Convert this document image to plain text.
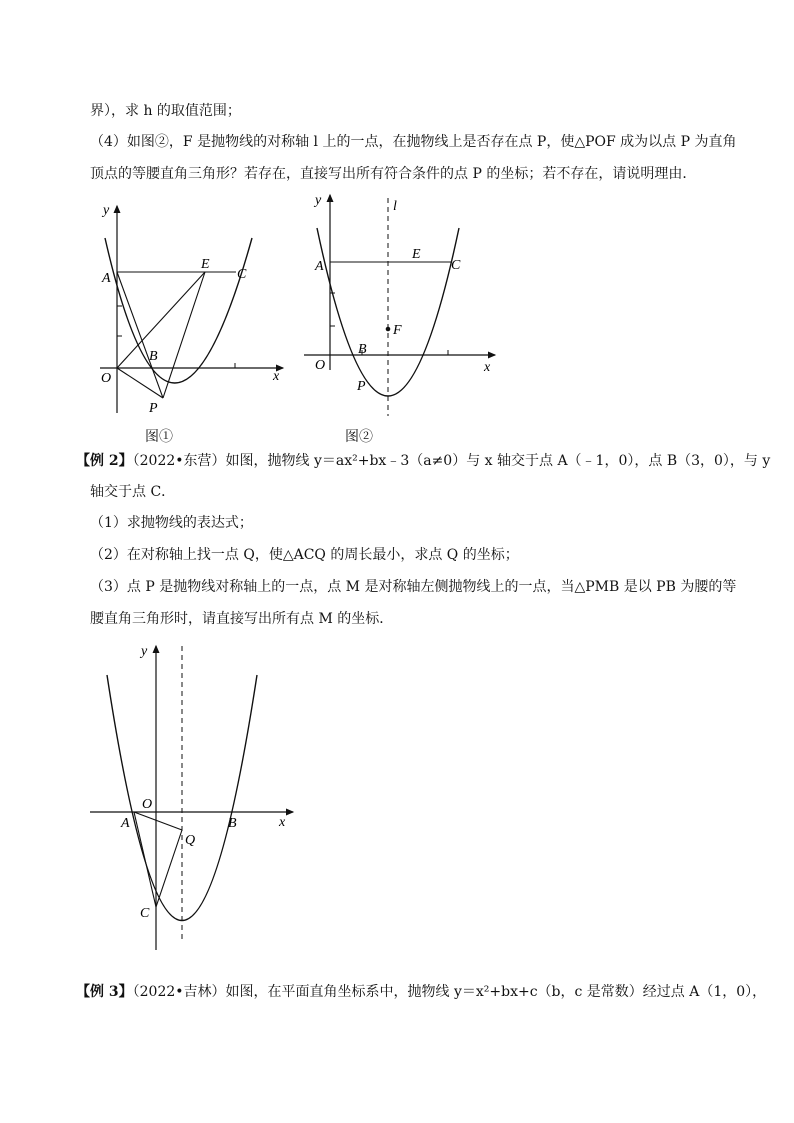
界），求 h 的取值范围；
（4）如图②，F 是抛物线的对称轴 l 上的一点，在抛物线上是否存在点 P，使△POF 成为以点 P 为直角
顶点的等腰直角三角形？若存在，直接写出所有符合条件的点 P 的坐标；若不存在，请说明理由．
y
x
O
A
E
C
B
P
图①
y	l
x
O
A
E
C
F
B
P
图②
【例 2】（2022•东营）如图，抛物线 y＝ax²+bx﹣3（a≠0）与 x 轴交于点 A（﹣1，0），点 B（3，0），与 y
轴交于点 C．
（1）求抛物线的表达式；
（2）在对称轴上找一点 Q，使△ACQ 的周长最小，求点 Q 的坐标；
（3）点 P 是抛物线对称轴上的一点，点 M 是对称轴左侧抛物线上的一点，当△PMB 是以 PB 为腰的等
腰直角三角形时，请直接写出所有点 M 的坐标．
y
x
O
A	B
Q
C
【例 3】（2022•吉林）如图，在平面直角坐标系中，抛物线 y＝x²+bx+c（b，c 是常数）经过点 A（1，0），
